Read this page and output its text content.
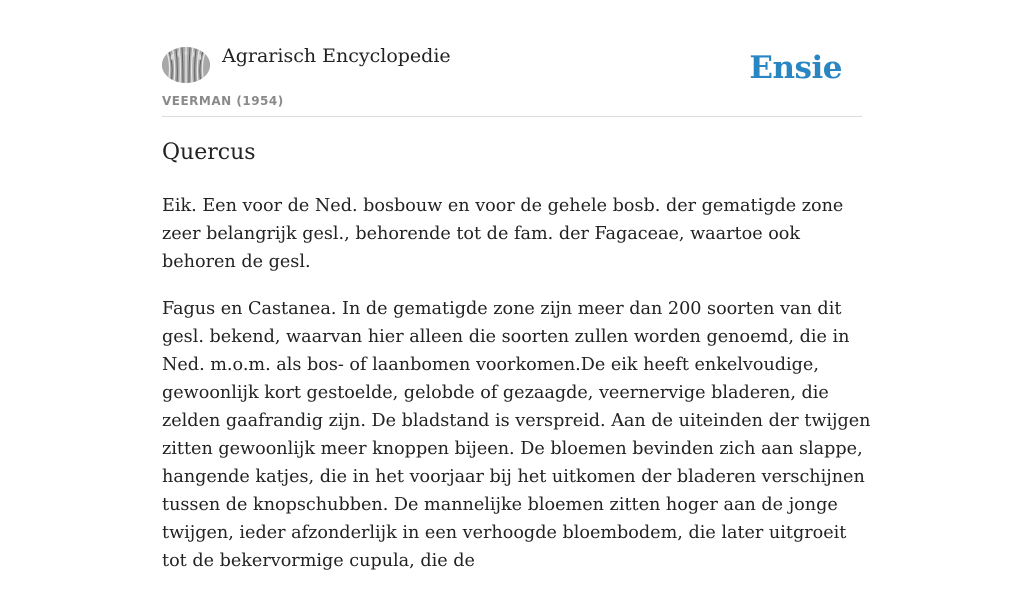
Agrarisch Encyclopedie
VEERMAN (1954)
Ensie
Quercus

Eik. Een voor de Ned. bosbouw en voor de gehele bosb. der gematigde zone zeer belangrijk gesl., behorende tot de fam. der Fagaceae, waartoe ook behoren de gesl.

Fagus en Castanea. In de gematigde zone zijn meer dan 200 soorten van dit gesl. bekend, waarvan hier alleen die soorten zullen worden genoemd, die in Ned. m.o.m. als bos- of laanbomen voorkomen.De eik heeft enkelvoudige, gewoonlijk kort gestoelde, gelobde of gezaagde, veernervige bladeren, die zelden gaafrandig zijn. De bladstand is verspreid. Aan de uiteinden der twijgen zitten gewoonlijk meer knoppen bijeen. De bloemen bevinden zich aan slappe, hangende katjes, die in het voorjaar bij het uitkomen der bladeren verschijnen tussen de knopschubben. De mannelijke bloemen zitten hoger aan de jonge twijgen, ieder afzonderlijk in een verhoogde bloembodem, die later uitgroeit tot de bekervormige cupula, die de
